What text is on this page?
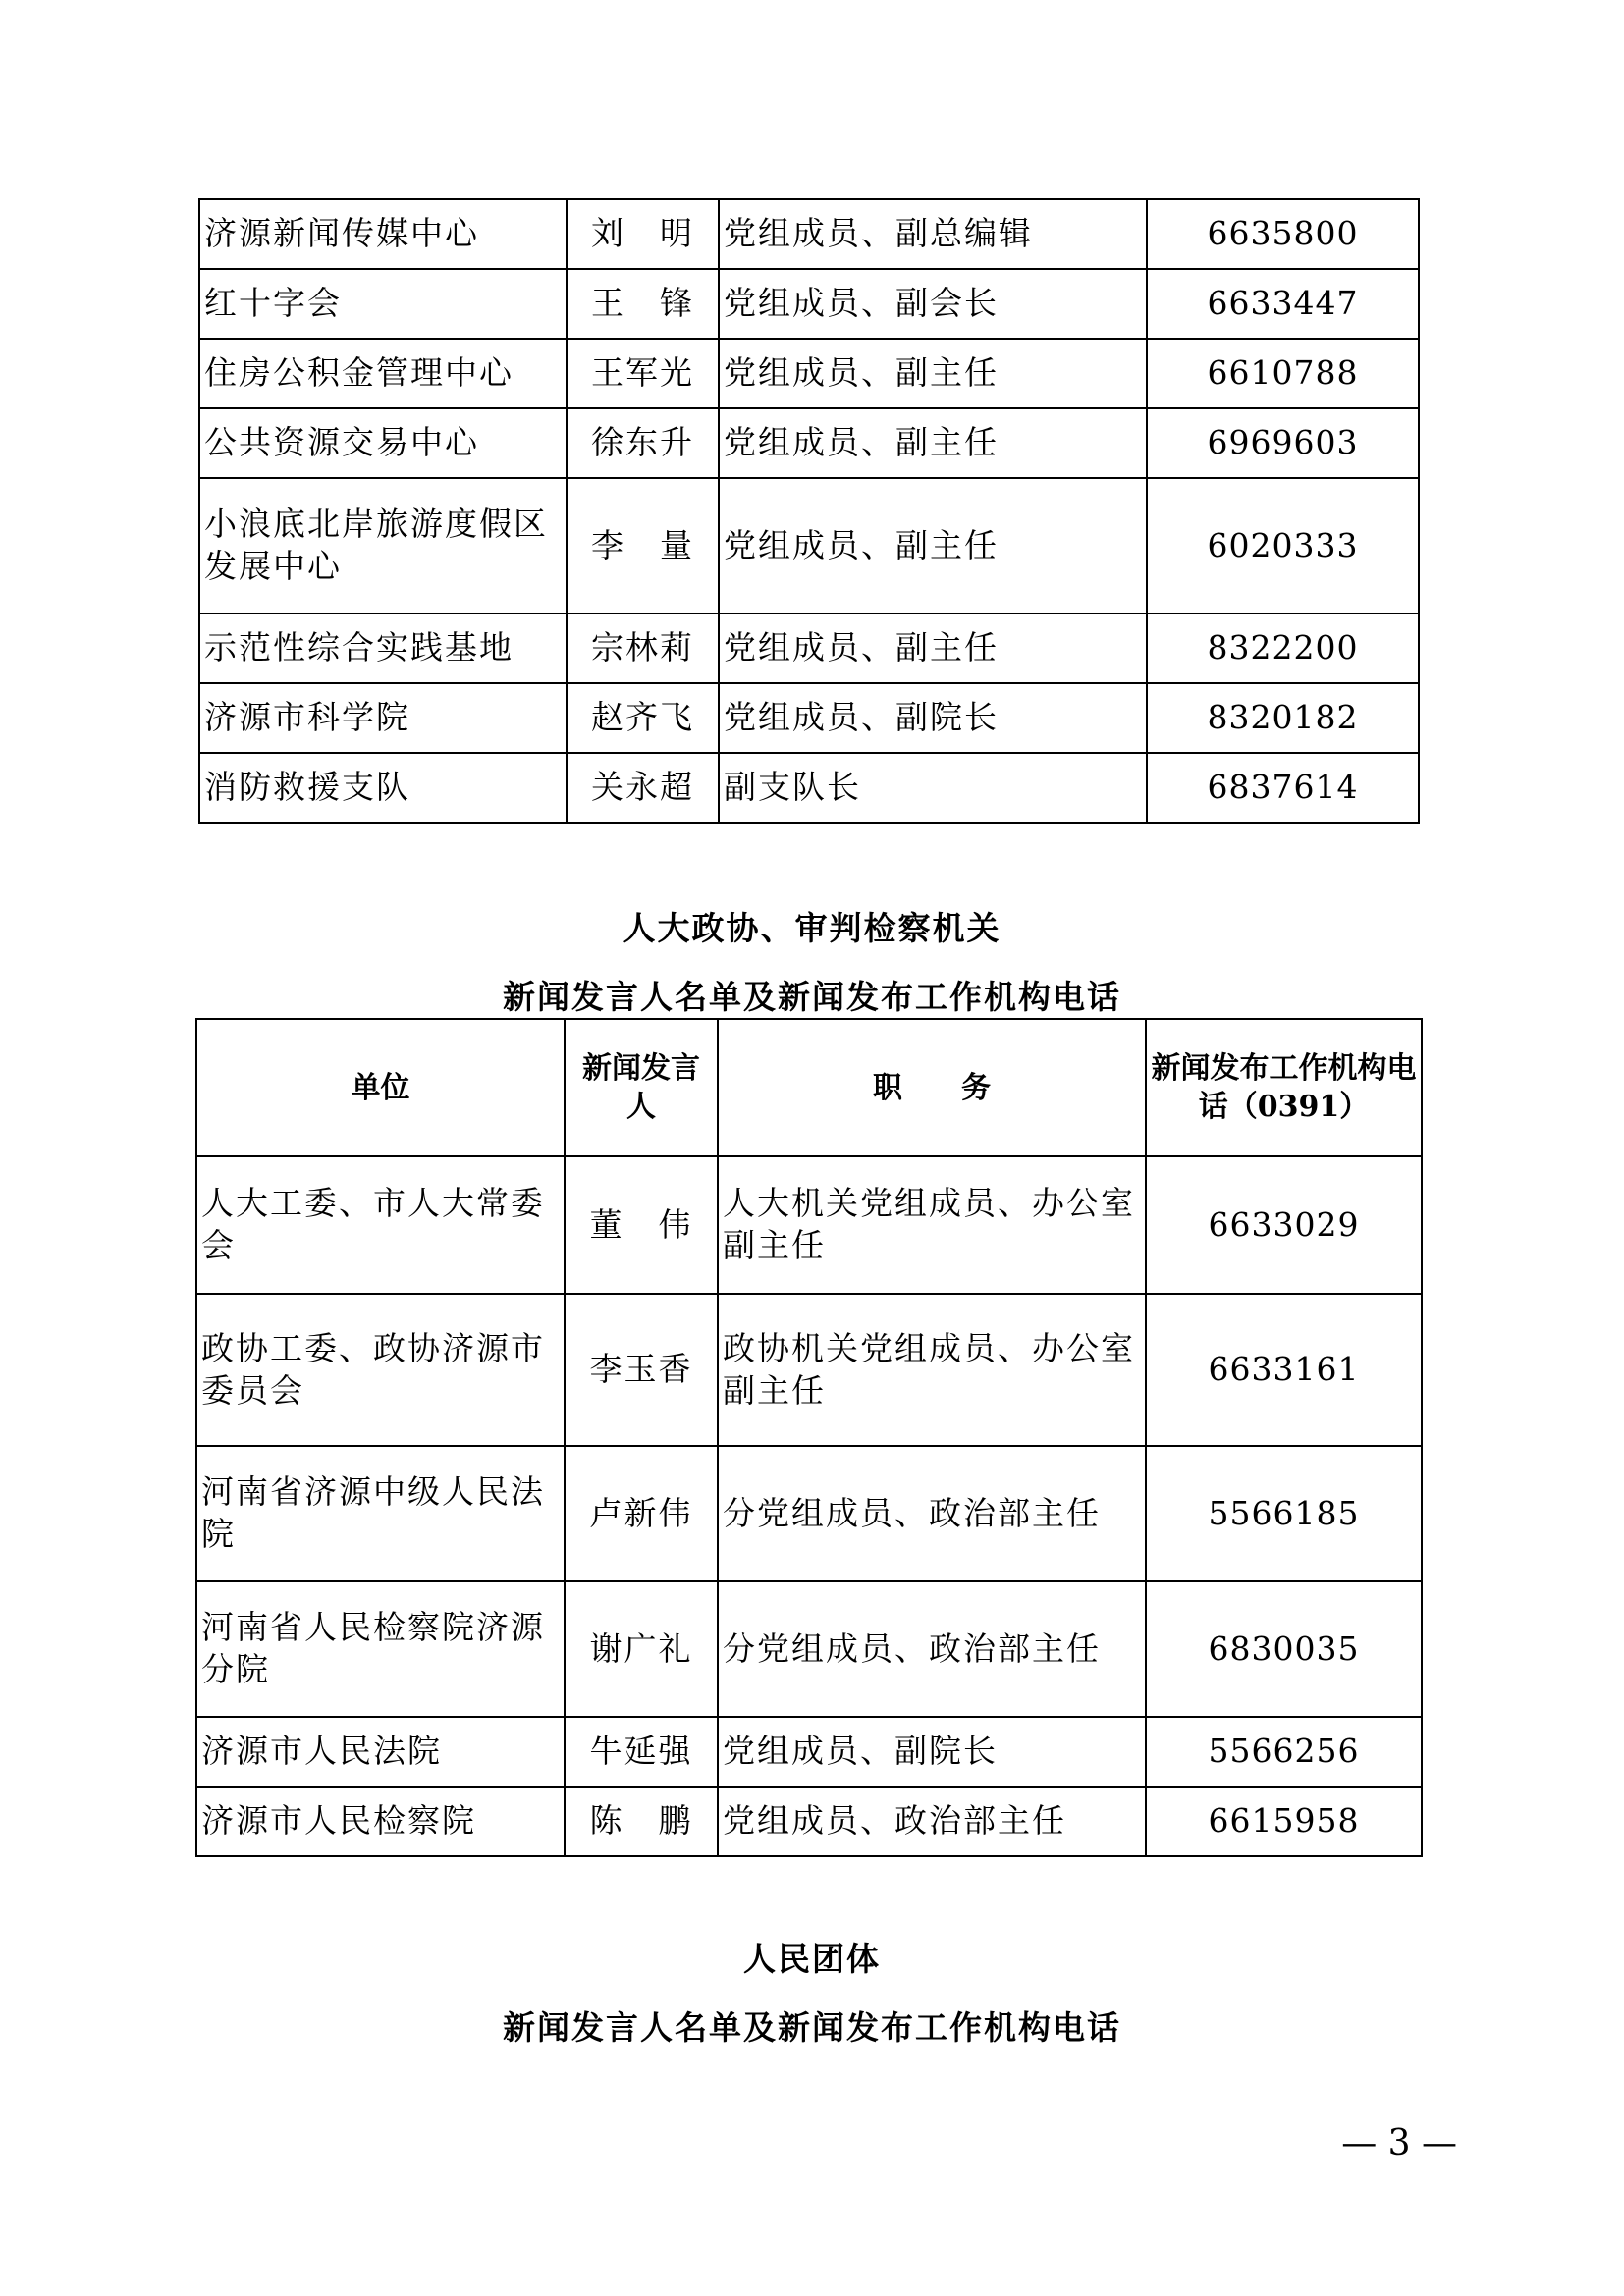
济源新闻传媒中心	刘　明	党组成员、副总编辑	6635800
红十字会	王　锋	党组成员、副会长	6633447
住房公积金管理中心	王军光	党组成员、副主任	6610788
公共资源交易中心	徐东升	党组成员、副主任	6969603
小浪底北岸旅游度假区发展中心	李　量	党组成员、副主任	6020333
示范性综合实践基地	宗林莉	党组成员、副主任	8322200
济源市科学院	赵齐飞	党组成员、副院长	8320182
消防救援支队	关永超	副支队长	6837614
人大政协、审判检察机关
新闻发言人名单及新闻发布工作机构电话
单位	新闻发言人	职　　务	新闻发布工作机构电话（0391）
人大工委、市人大常委会	董　伟	人大机关党组成员、办公室副主任	6633029
政协工委、政协济源市委员会	李玉香	政协机关党组成员、办公室副主任	6633161
河南省济源中级人民法院	卢新伟	分党组成员、政治部主任	5566185
河南省人民检察院济源分院	谢广礼	分党组成员、政治部主任	6830035
济源市人民法院	牛延强	党组成员、副院长	5566256
济源市人民检察院	陈　鹏	党组成员、政治部主任	6615958
人民团体
新闻发言人名单及新闻发布工作机构电话
— 3 —
